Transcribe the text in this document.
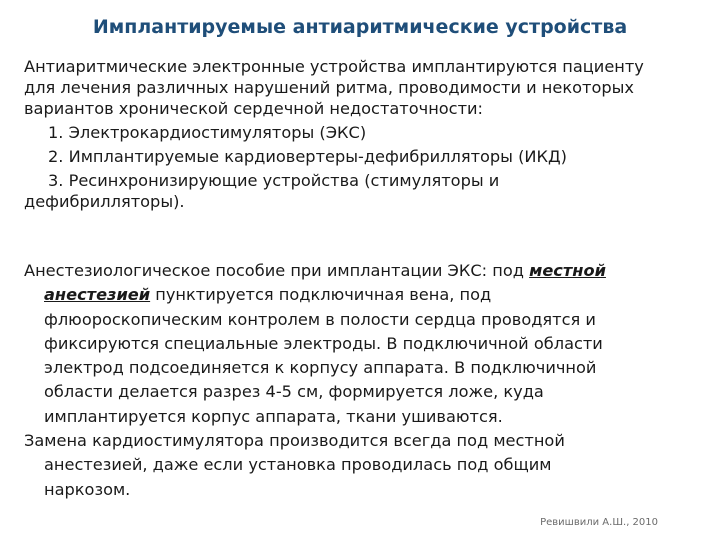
Имплантируемые антиаритмические устройства
Антиаритмические электронные устройства имплантируются пациенту
для лечения различных нарушений ритма, проводимости и некоторых
вариантов хронической сердечной недостаточности:
1. Электрокардиостимуляторы (ЭКС)
2. Имплантируемые кардиовертеры-дефибрилляторы (ИКД)
3. Ресинхронизирующие устройства (стимуляторы и
дефибрилляторы).
Анестезиологическое пособие при имплантации ЭКС: под местной
анестезией пунктируется подключичная вена, под
флюороскопическим контролем в полости сердца проводятся и
фиксируются специальные электроды. В подключичной области
электрод подсоединяется к корпусу аппарата. В подключичной
области делается разрез 4-5 см, формируется ложе, куда
имплантируется корпус аппарата, ткани ушиваются.
Замена кардиостимулятора производится всегда под местной
анестезией, даже если установка проводилась под общим
наркозом.
Ревишвили А.Ш., 2010
